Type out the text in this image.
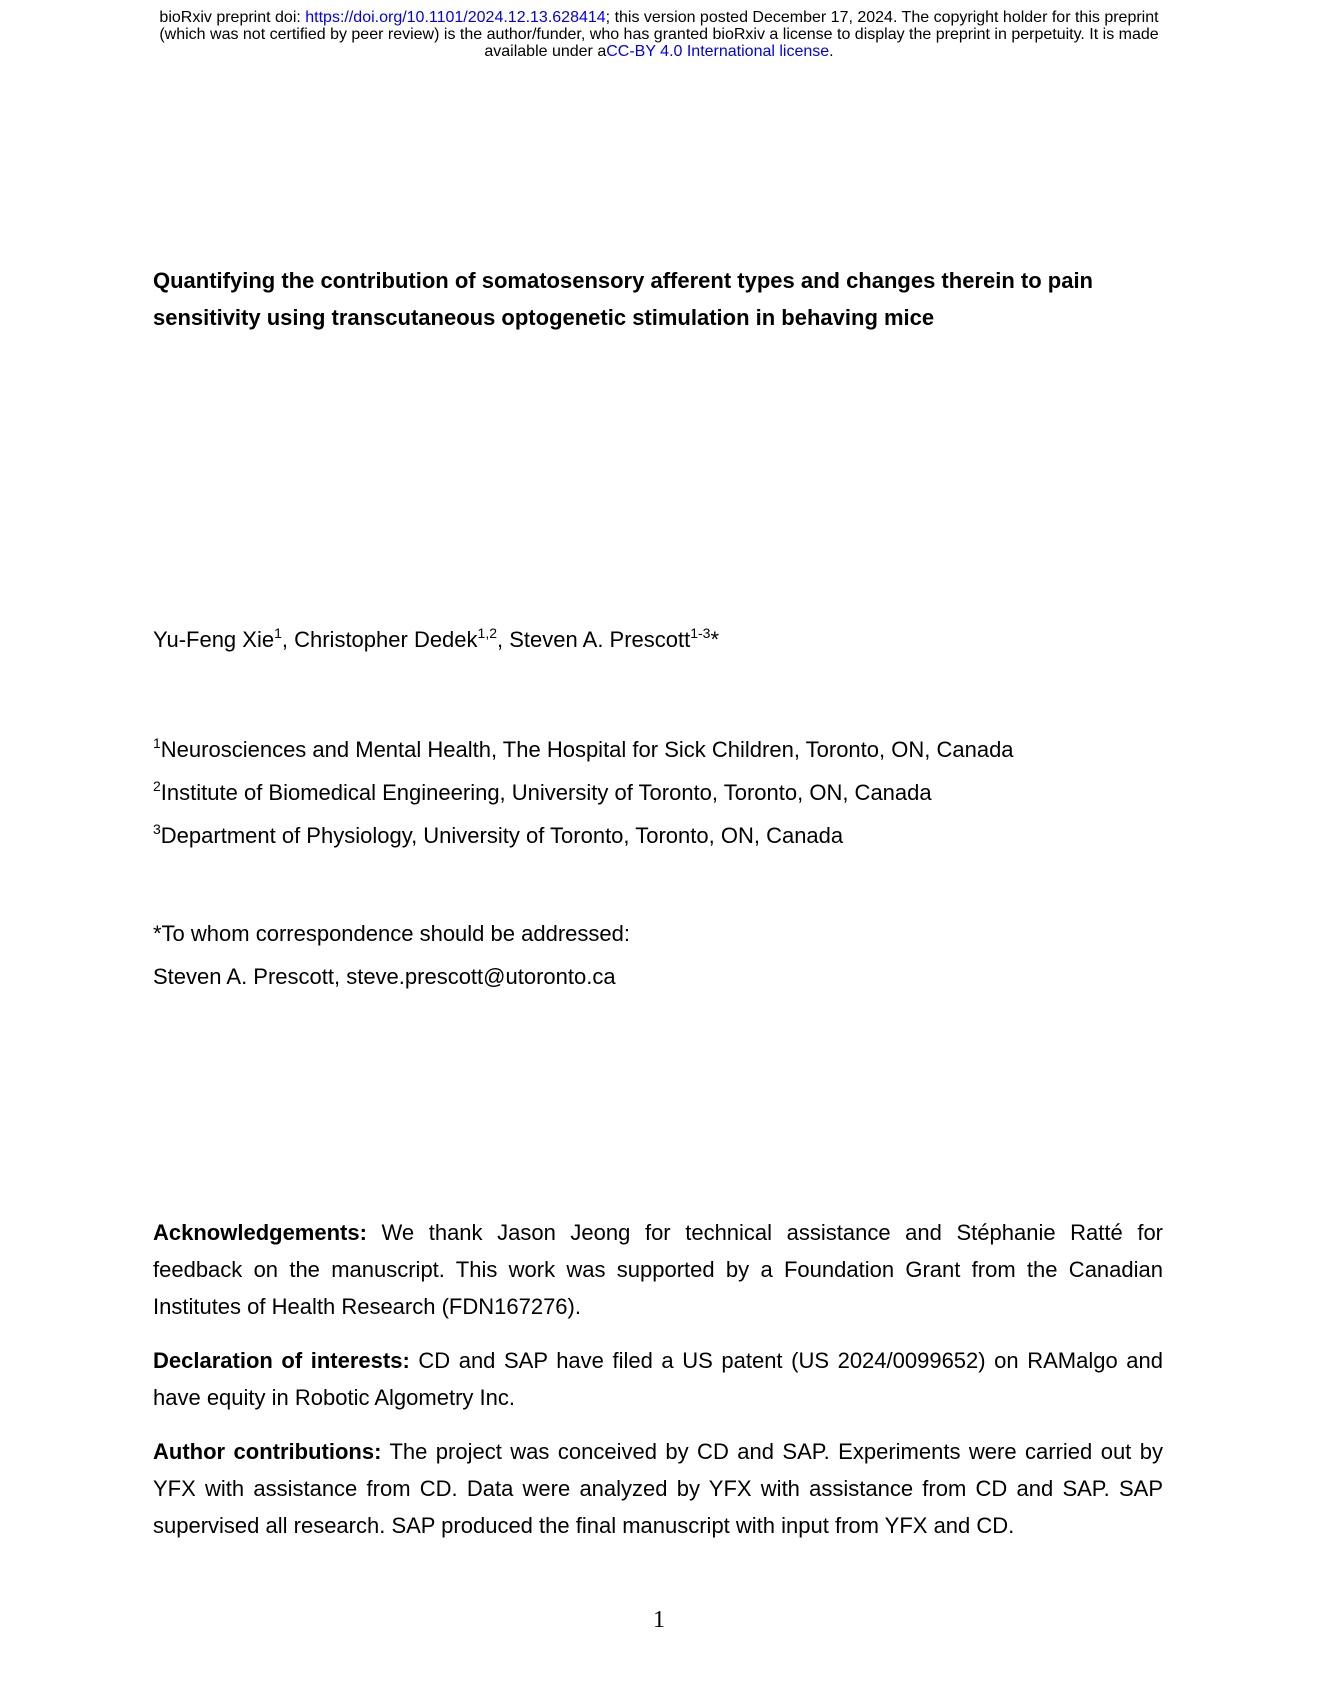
bioRxiv preprint doi: https://doi.org/10.1101/2024.12.13.628414; this version posted December 17, 2024. The copyright holder for this preprint
(which was not certified by peer review) is the author/funder, who has granted bioRxiv a license to display the preprint in perpetuity. It is made
available under aCC-BY 4.0 International license.
Quantifying the contribution of somatosensory afferent types and changes therein to pain sensitivity using transcutaneous optogenetic stimulation in behaving mice
Yu-Feng Xie$^1$, Christopher Dedek$^{1,2}$, Steven A. Prescott$^{1-3}$*
$^1$Neurosciences and Mental Health, The Hospital for Sick Children, Toronto, ON, Canada
$^2$Institute of Biomedical Engineering, University of Toronto, Toronto, ON, Canada
$^3$Department of Physiology, University of Toronto, Toronto, ON, Canada
*To whom correspondence should be addressed:
Steven A. Prescott, steve.prescott@utoronto.ca

Acknowledgements: We thank Jason Jeong for technical assistance and Stéphanie Ratté for feedback on the manuscript. This work was supported by a Foundation Grant from the Canadian Institutes of Health Research (FDN167276).

Declaration of interests: CD and SAP have filed a US patent (US 2024/0099652) on RAMalgo and have equity in Robotic Algometry Inc.

Author contributions: The project was conceived by CD and SAP. Experiments were carried out by YFX with assistance from CD. Data were analyzed by YFX with assistance from CD and SAP. SAP supervised all research. SAP produced the final manuscript with input from YFX and CD.

1
